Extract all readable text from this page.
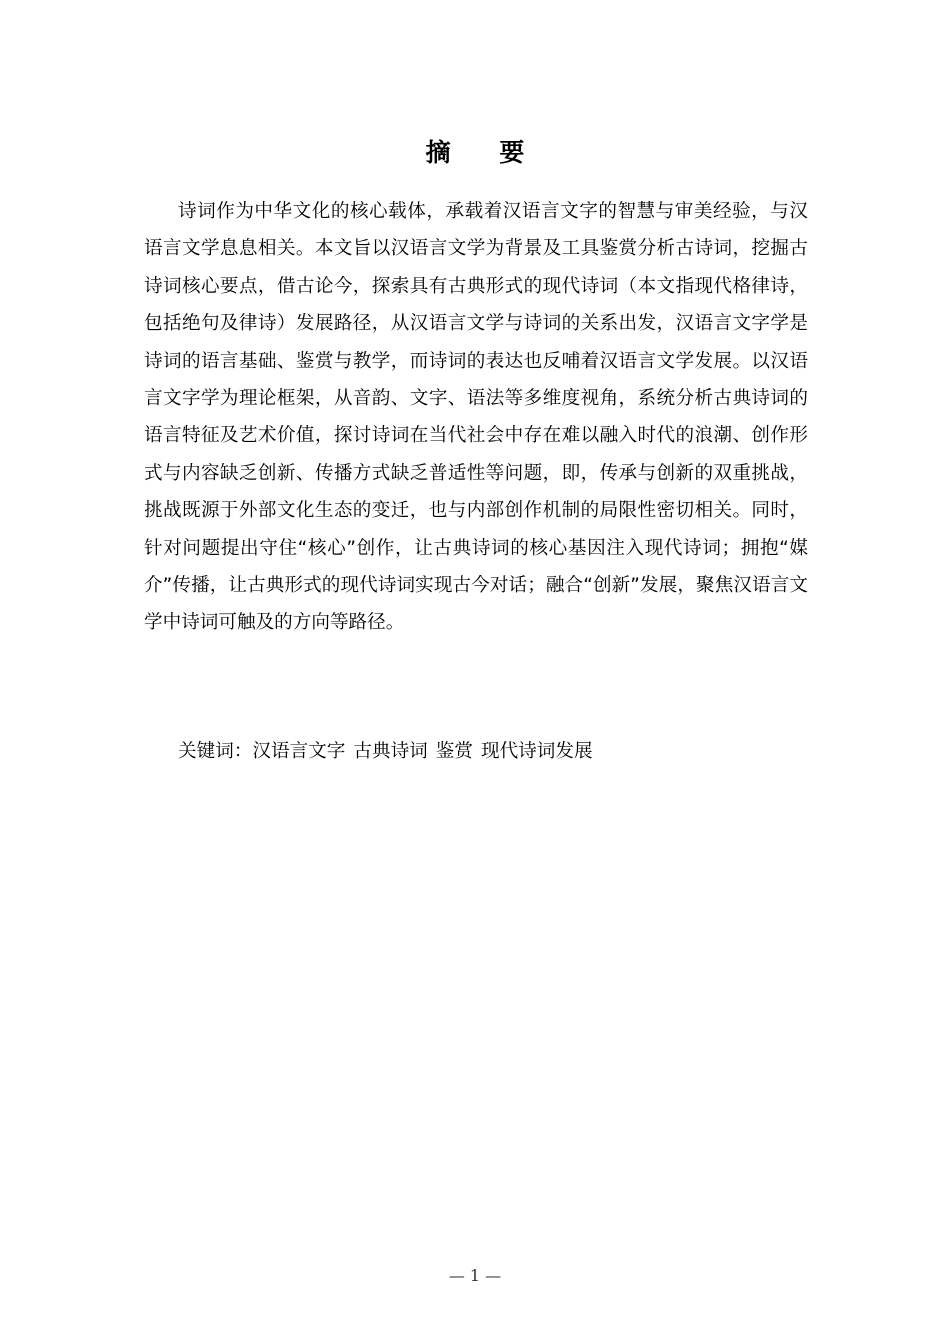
摘 要

诗词作为中华文化的核心载体，承载着汉语言文字的智慧与审美经验，与汉语言文学息息相关。本文旨以汉语言文学为背景及工具鉴赏分析古诗词，挖掘古诗词核心要点，借古论今，探索具有古典形式的现代诗词（本文指现代格律诗，包括绝句及律诗）发展路径，从汉语言文学与诗词的关系出发，汉语言文字学是诗词的语言基础、鉴赏与教学，而诗词的表达也反哺着汉语言文学发展。以汉语言文字学为理论框架，从音韵、文字、语法等多维度视角，系统分析古典诗词的语言特征及艺术价值，探讨诗词在当代社会中存在难以融入时代的浪潮、创作形式与内容缺乏创新、传播方式缺乏普适性等问题，即，传承与创新的双重挑战，挑战既源于外部文化生态的变迁，也与内部创作机制的局限性密切相关。同时，针对问题提出守住“核心”创作，让古典诗词的核心基因注入现代诗词；拥抱“媒介”传播，让古典形式的现代诗词实现古今对话；融合“创新”发展，聚焦汉语言文学中诗词可触及的方向等路径。

关键词：汉语言文字 古典诗词 鉴赏 现代诗词发展
— 1 —
